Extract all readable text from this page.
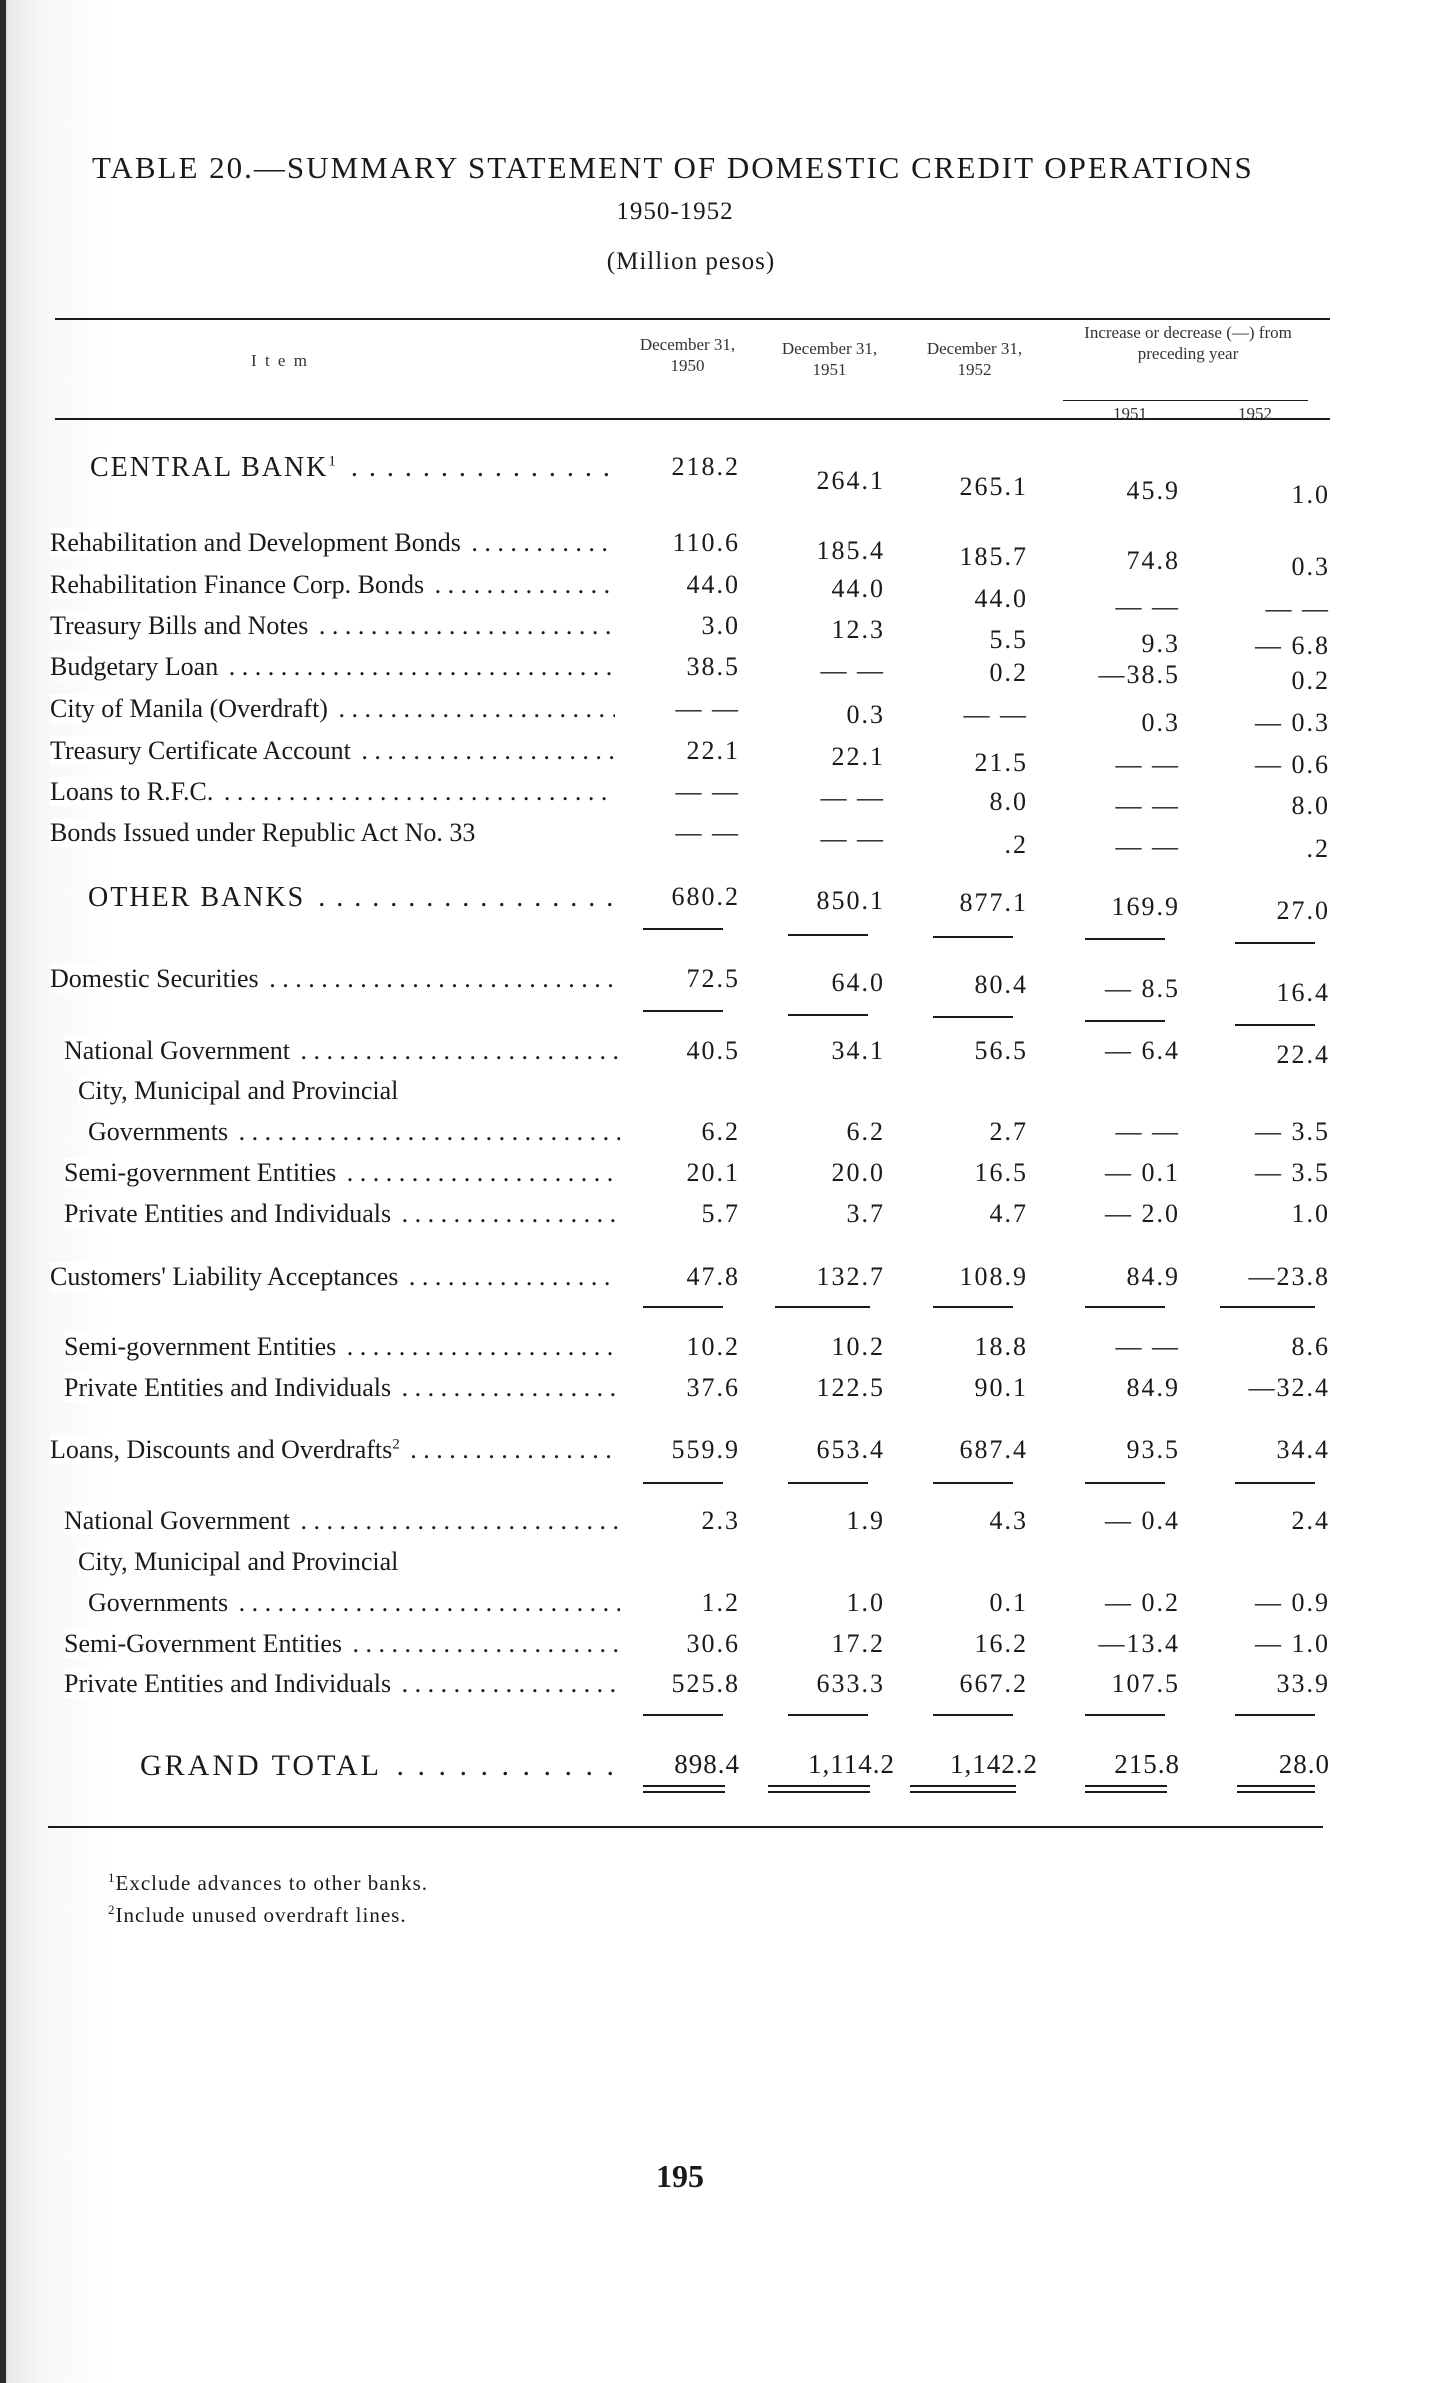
TABLE 20.—SUMMARY STATEMENT OF DOMESTIC CREDIT OPERATIONS
1950-1952
(Million pesos)
I t e m
December 31, 1950
December 31, 1951
December 31, 1952
Increase or decrease (—) from preceding year
1951	1952
CENTRAL BANK$^1$ . . .	218.2	264.1	265.1	45.9	1.0
Rehabilitation and Development Bonds . . .	110.6	185.4	185.7	74.8	0.3
Rehabilitation Finance Corp. Bonds . . .	44.0	44.0	44.0	— —	— —
Treasury Bills and Notes . . .	3.0	12.3	5.5	9.3	— 6.8
Budgetary Loan . . .	38.5	— —	0.2	—38.5	0.2
City of Manila (Overdraft) . . .	— —	0.3	— —	0.3	— 0.3
Treasury Certificate Account . . .	22.1	22.1	21.5	— —	— 0.6
Loans to R.F.C. . . .	— —	— —	8.0	— —	8.0
Bonds Issued under Republic Act No. 33	— —	— —	.2	— —	.2
OTHER BANKS . . .	680.2	850.1	877.1	169.9	27.0
Domestic Securities . . .	72.5	64.0	80.4	— 8.5	16.4
National Government . . .	40.5	34.1	56.5	— 6.4	22.4
City, Municipal and Provincial
Governments . . .	6.2	6.2	2.7	— —	— 3.5
Semi-government Entities . . .	20.1	20.0	16.5	— 0.1	— 3.5
Private Entities and Individuals . . .	5.7	3.7	4.7	— 2.0	1.0
Customers' Liability Acceptances . . .	47.8	132.7	108.9	84.9	—23.8
Semi-government Entities . . .	10.2	10.2	18.8	— —	8.6
Private Entities and Individuals . . .	37.6	122.5	90.1	84.9	—32.4
Loans, Discounts and Overdrafts$^2$ . . .	559.9	653.4	687.4	93.5	34.4
National Government . . .	2.3	1.9	4.3	— 0.4	2.4
City, Municipal and Provincial
Governments . . .	1.2	1.0	0.1	— 0.2	— 0.9
Semi-Government Entities . . .	30.6	17.2	16.2	—13.4	— 1.0
Private Entities and Individuals . . .	525.8	633.3	667.2	107.5	33.9
GRAND TOTAL . . .	898.4	1,114.2	1,142.2	215.8	28.0
$^1$Exclude advances to other banks.
$^2$Include unused overdraft lines.
195
